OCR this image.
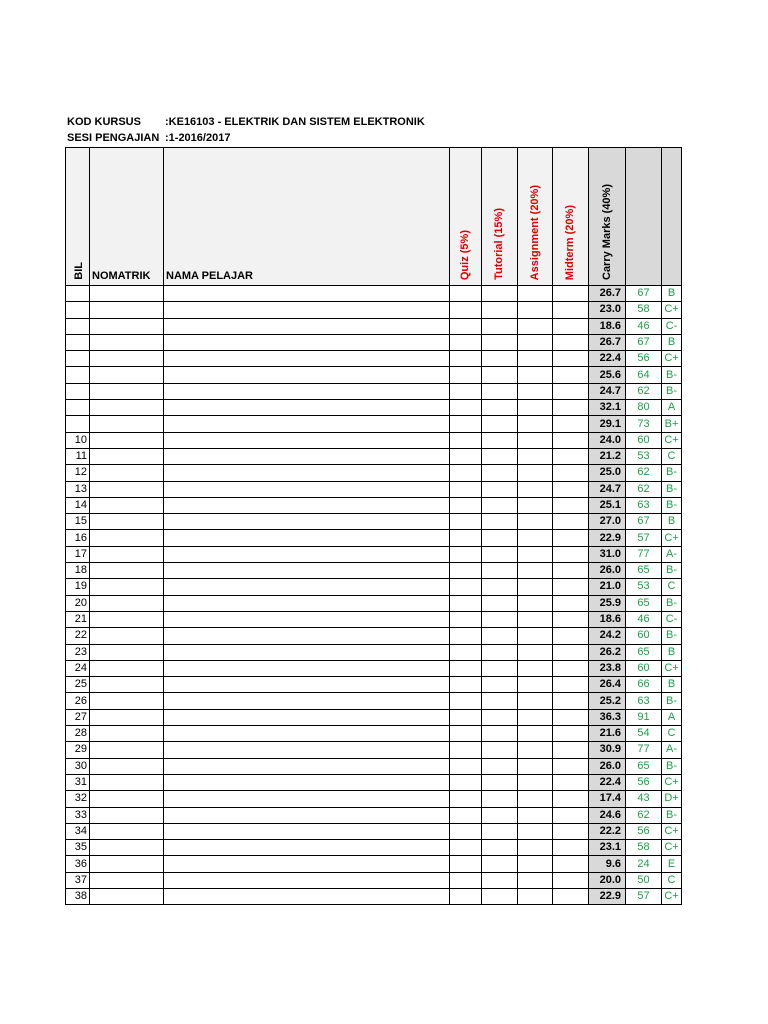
KOD KURSUS :KE16103 - ELEKTRIK DAN SISTEM ELEKTRONIK
SESI PENGAJIAN :1-2016/2017
BIL	NOMATRIK	NAMA PELAJAR	Quiz (5%)	Tutorial (15%)	Assignment (20%)	Midterm (20%)	Carry Marks (40%)		
							26.7	67	B
							23.0	58	C+
							18.6	46	C-
							26.7	67	B
							22.4	56	C+
							25.6	64	B-
							24.7	62	B-
							32.1	80	A
							29.1	73	B+
10							24.0	60	C+
11							21.2	53	C
12							25.0	62	B-
13							24.7	62	B-
14							25.1	63	B-
15							27.0	67	B
16							22.9	57	C+
17							31.0	77	A-
18							26.0	65	B-
19							21.0	53	C
20							25.9	65	B-
21							18.6	46	C-
22							24.2	60	B-
23							26.2	65	B
24							23.8	60	C+
25							26.4	66	B
26							25.2	63	B-
27							36.3	91	A
28							21.6	54	C
29							30.9	77	A-
30							26.0	65	B-
31							22.4	56	C+
32							17.4	43	D+
33							24.6	62	B-
34							22.2	56	C+
35							23.1	58	C+
36							9.6	24	E
37							20.0	50	C
38							22.9	57	C+
